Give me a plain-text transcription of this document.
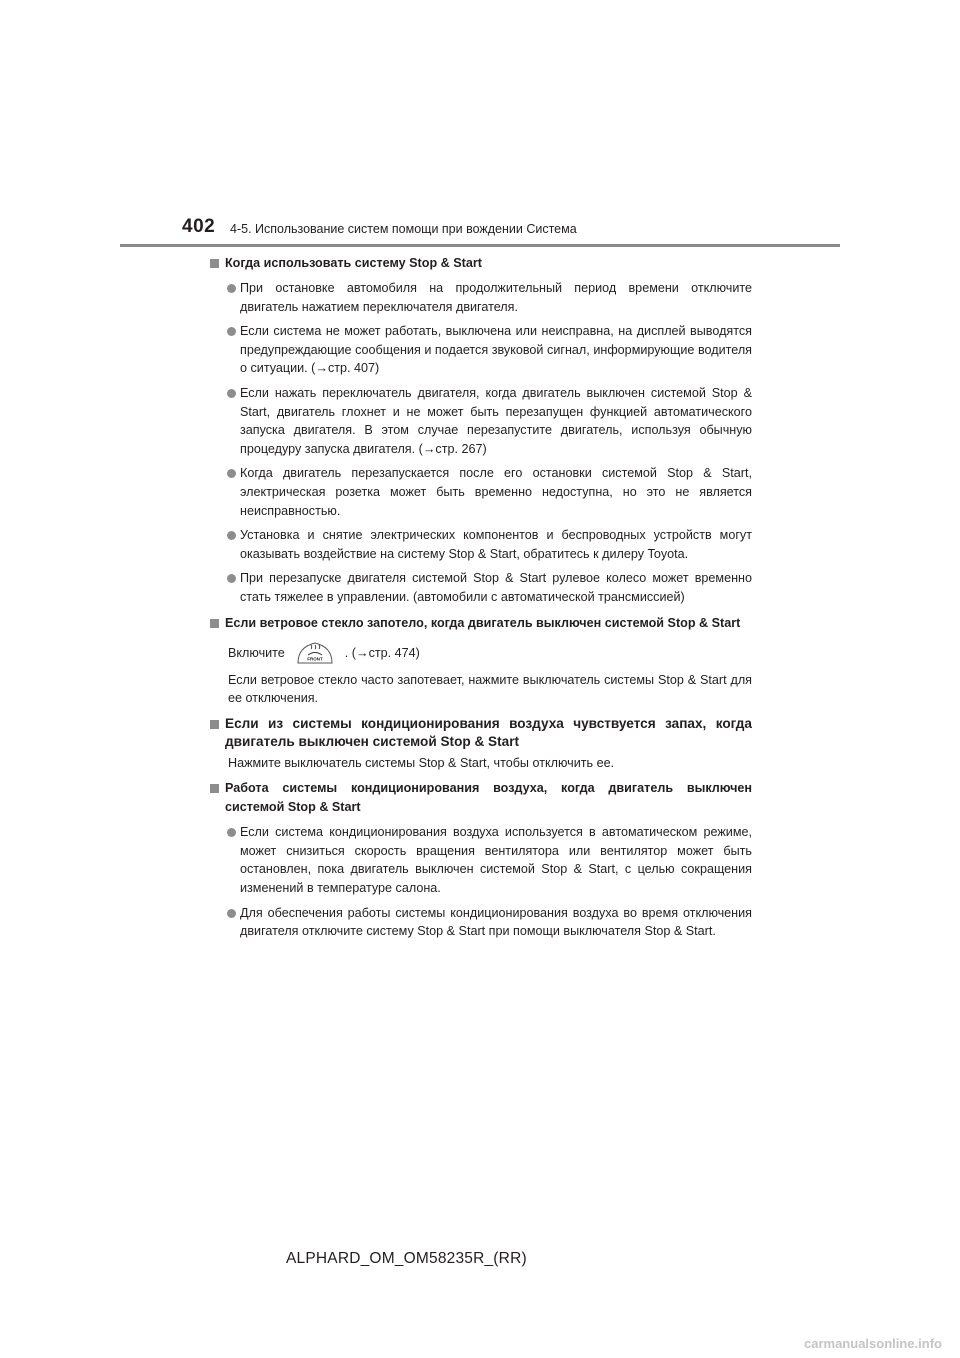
402 4-5. Использование систем помощи при вождении Система
Когда использовать систему Stop & Start
При остановке автомобиля на продолжительный период времени отключите двигатель нажатием переключателя двигателя.
Если система не может работать, выключена или неисправна, на дисплей выводятся предупреждающие сообщения и подается звуковой сигнал, информирующие водителя о ситуации. (→стр. 407)
Если нажать переключатель двигателя, когда двигатель выключен системой Stop & Start, двигатель глохнет и не может быть перезапущен функцией автоматического запуска двигателя. В этом случае перезапустите двигатель, используя обычную процедуру запуска двигателя. (→стр. 267)
Когда двигатель перезапускается после его остановки системой Stop & Start, электрическая розетка может быть временно недоступна, но это не является неисправностью.
Установка и снятие электрических компонентов и беспроводных устройств могут оказывать воздействие на систему Stop & Start, обратитесь к дилеру Toyota.
При перезапуске двигателя системой Stop & Start рулевое колесо может временно стать тяжелее в управлении. (автомобили с автоматической трансмиссией)
Если ветровое стекло запотело, когда двигатель выключен системой Stop & Start
Включите	FRONT . (→стр. 474)
Если ветровое стекло часто запотевает, нажмите выключатель системы Stop & Start для ее отключения.
Если из системы кондиционирования воздуха чувствуется запах, когда двигатель выключен системой Stop & Start
Нажмите выключатель системы Stop & Start, чтобы отключить ее.
Работа системы кондиционирования воздуха, когда двигатель выключен системой Stop & Start
Если система кондиционирования воздуха используется в автоматическом режиме, может снизиться скорость вращения вентилятора или вентилятор может быть остановлен, пока двигатель выключен системой Stop & Start, с целью сокращения изменений в температуре салона.
Для обеспечения работы системы кондиционирования воздуха во время отключения двигателя отключите систему Stop & Start при помощи выключателя Stop & Start.
ALPHARD_OM_OM58235R_(RR)
carmanualsonline.info
